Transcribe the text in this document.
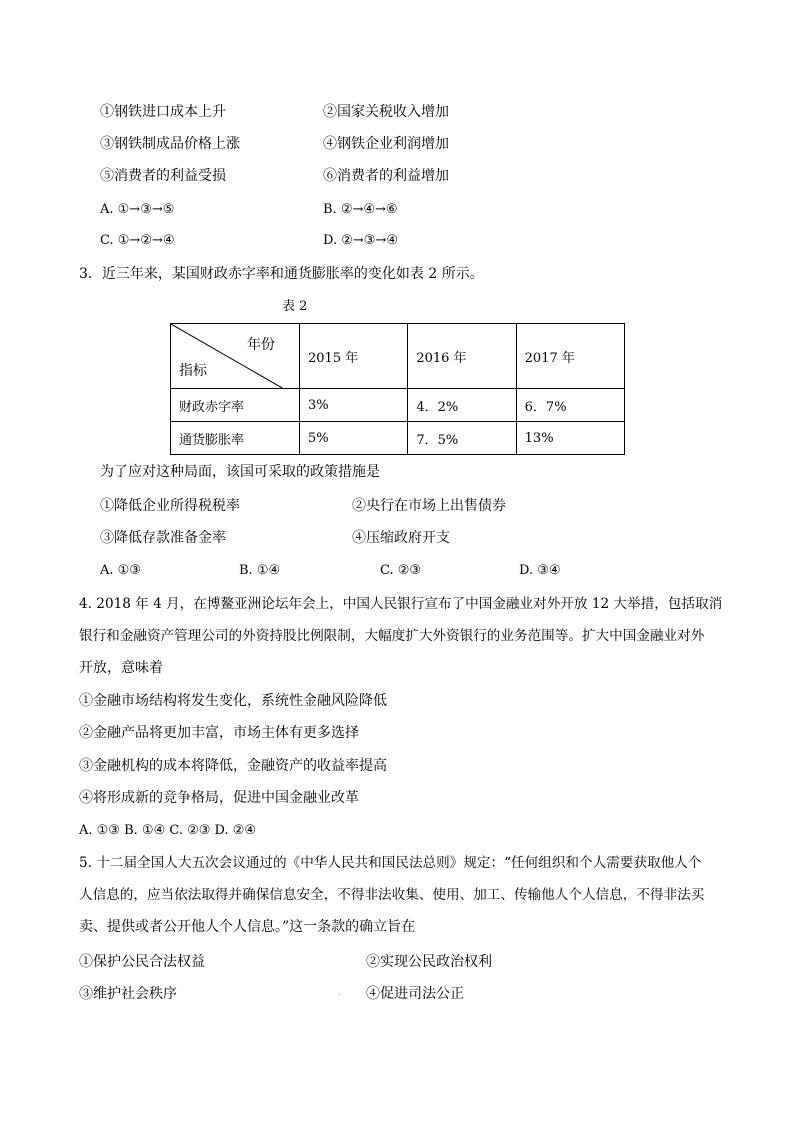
①钢铁进口成本上升	②国家关税收入增加
③钢铁制成品价格上涨	④钢铁企业利润增加
⑤消费者的利益受损	⑥消费者的利益增加
A. ①→③→⑤	B. ②→④→⑥
C. ①→②→④	D. ②→③→④
3．近三年来，某国财政赤字率和通货膨胀率的变化如表 2 所示。
表 2
年份
指标	2015 年	2016 年	2017 年
财政赤字率	3%	4．2%	6．7%
通货膨胀率	5%	7．5%	13%
为了应对这种局面，该国可采取的政策措施是
①降低企业所得税税率	②央行在市场上出售债券
③降低存款准备金率	④压缩政府开支
A. ①③	B. ①④	C. ②③	D. ③④
4. 2018 年 4 月，在博鳌亚洲论坛年会上，中国人民银行宣布了中国金融业对外开放 12 大举措，包括取消
银行和金融资产管理公司的外资持股比例限制，大幅度扩大外资银行的业务范围等。扩大中国金融业对外
开放，意味着
①金融市场结构将发生变化，系统性金融风险降低
②金融产品将更加丰富，市场主体有更多选择
③金融机构的成本将降低，金融资产的收益率提高
④将形成新的竞争格局，促进中国金融业改革
A. ①③ B. ①④ C. ②③ D. ②④
5. 十二届全国人大五次会议通过的《中华人民共和国民法总则》规定：“任何组织和个人需要获取他人个
人信息的，应当依法取得并确保信息安全，不得非法收集、使用、加工、传输他人个人信息，不得非法买
卖、提供或者公开他人个人信息。”这一条款的确立旨在
①保护公民合法权益	②实现公民政治权利
③维护社会秩序	④促进司法公正
·
